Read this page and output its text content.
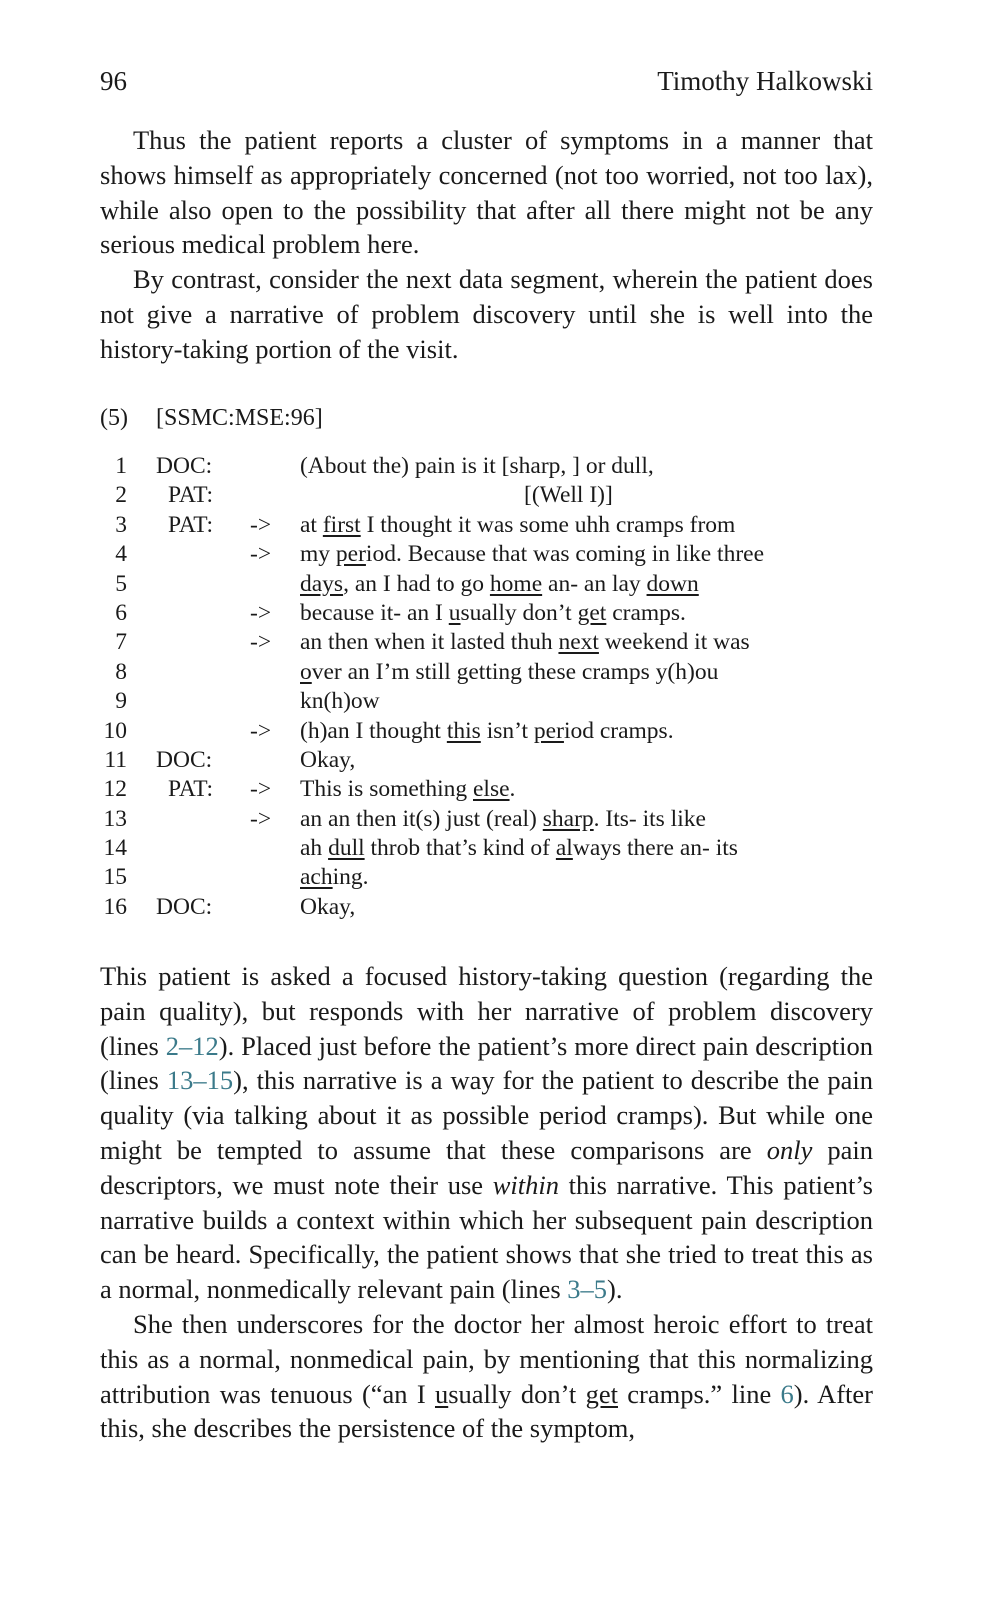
96	Timothy Halkowski

Thus the patient reports a cluster of symptoms in a manner that shows himself as appropriately concerned (not too worried, not too lax), while also open to the possibility that after all there might not be any serious medical problem here.

By contrast, consider the next data segment, wherein the patient does not give a narrative of problem discovery until she is well into the history-taking portion of the visit.

(5) [SSMC:MSE:96]
1 DOC:	(About the) pain is it [sharp, ] or dull,
2 PAT:	[(Well I)]
3 PAT: -> at first I thought it was some uhh cramps from
4	-> my period. Because that was coming in like three
5	days, an I had to go home an- an lay down
6	-> because it- an I usually don’t get cramps.
7	-> an then when it lasted thuh next weekend it was
8	over an I’m still getting these cramps y(h)ou
9	kn(h)ow
10	-> (h)an I thought this isn’t period cramps.
11 DOC:	Okay,
12 PAT: -> This is something else.
13	-> an an then it(s) just (real) sharp. Its- its like
14	ah dull throb that’s kind of always there an- its
15	aching.
16 DOC:	Okay,

This patient is asked a focused history-taking question (regarding the pain quality), but responds with her narrative of problem discovery (lines 2–12). Placed just before the patient’s more direct pain description (lines 13–15), this narrative is a way for the patient to describe the pain quality (via talking about it as possible period cramps). But while one might be tempted to assume that these comparisons are only pain descriptors, we must note their use within this narrative. This patient’s narrative builds a context within which her subsequent pain description can be heard. Specifically, the patient shows that she tried to treat this as a normal, nonmedically relevant pain (lines 3–5).

She then underscores for the doctor her almost heroic effort to treat this as a normal, nonmedical pain, by mentioning that this normalizing attribution was tenuous (“an I usually don’t get cramps.” line 6). After this, she describes the persistence of the symptom,
